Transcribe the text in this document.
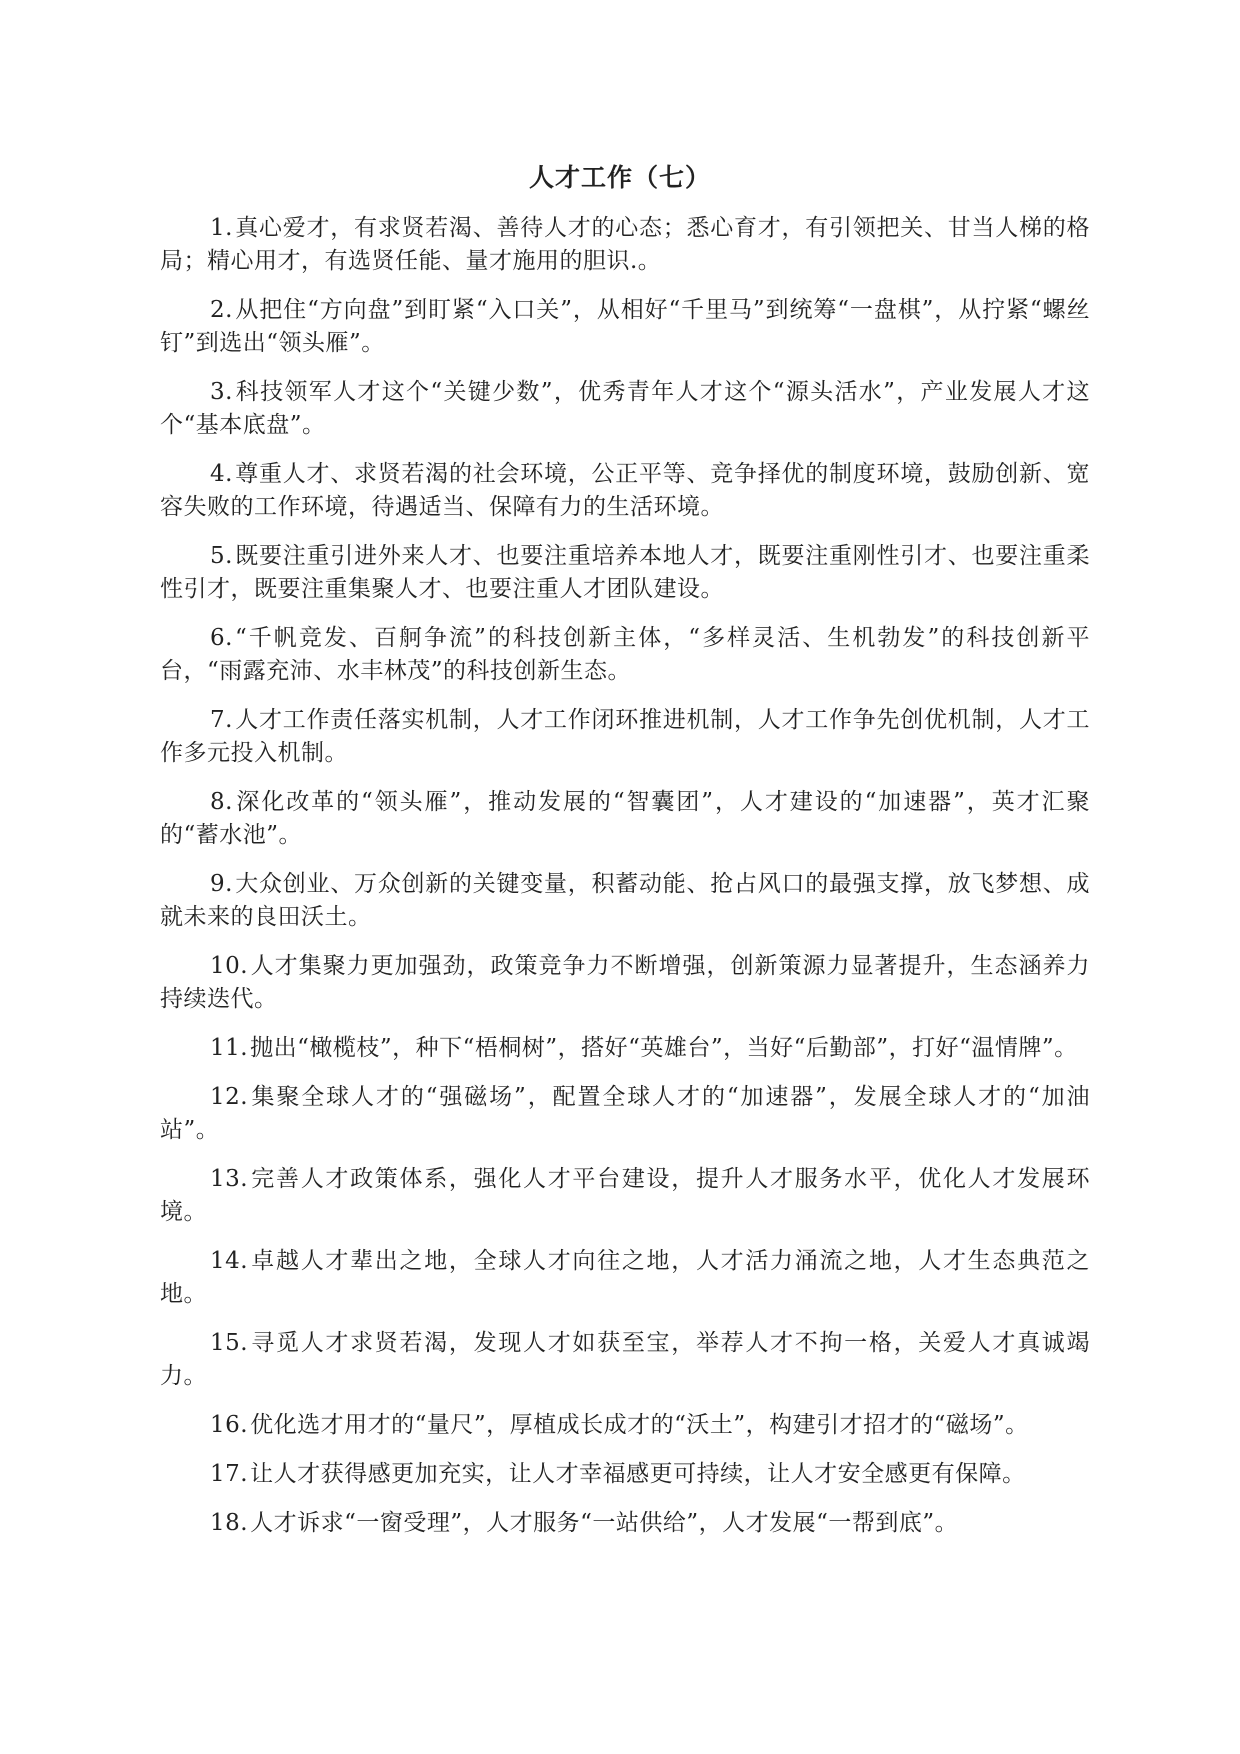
人才工作（七）

1.真心爱才，有求贤若渴、善待人才的心态；悉心育才，有引领把关、甘当人梯的格局；精心用才，有选贤任能、量才施用的胆识.。

2.从把住“方向盘”到盯紧“入口关”，从相好“千里马”到统筹“一盘棋”，从拧紧“螺丝钉”到选出“领头雁”。

3.科技领军人才这个“关键少数”，优秀青年人才这个“源头活水”，产业发展人才这个“基本底盘”。

4.尊重人才、求贤若渴的社会环境，公正平等、竞争择优的制度环境，鼓励创新、宽容失败的工作环境，待遇适当、保障有力的生活环境。

5.既要注重引进外来人才、也要注重培养本地人才，既要注重刚性引才、也要注重柔性引才，既要注重集聚人才、也要注重人才团队建设。

6.“千帆竞发、百舸争流”的科技创新主体，“多样灵活、生机勃发”的科技创新平台，“雨露充沛、水丰林茂”的科技创新生态。

7.人才工作责任落实机制，人才工作闭环推进机制，人才工作争先创优机制，人才工作多元投入机制。

8.深化改革的“领头雁”，推动发展的“智囊团”，人才建设的“加速器”，英才汇聚的“蓄水池”。

9.大众创业、万众创新的关键变量，积蓄动能、抢占风口的最强支撑，放飞梦想、成就未来的良田沃土。

10.人才集聚力更加强劲，政策竞争力不断增强，创新策源力显著提升，生态涵养力持续迭代。

11.抛出“橄榄枝”，种下“梧桐树”，搭好“英雄台”，当好“后勤部”，打好“温情牌”。

12.集聚全球人才的“强磁场”，配置全球人才的“加速器”，发展全球人才的“加油站”。

13.完善人才政策体系，强化人才平台建设，提升人才服务水平，优化人才发展环境。

14.卓越人才辈出之地，全球人才向往之地，人才活力涌流之地，人才生态典范之地。

15.寻觅人才求贤若渴，发现人才如获至宝，举荐人才不拘一格，关爱人才真诚竭力。

16.优化选才用才的“量尺”，厚植成长成才的“沃土”，构建引才招才的“磁场”。

17.让人才获得感更加充实，让人才幸福感更可持续，让人才安全感更有保障。

18.人才诉求“一窗受理”，人才服务“一站供给”，人才发展“一帮到底”。
